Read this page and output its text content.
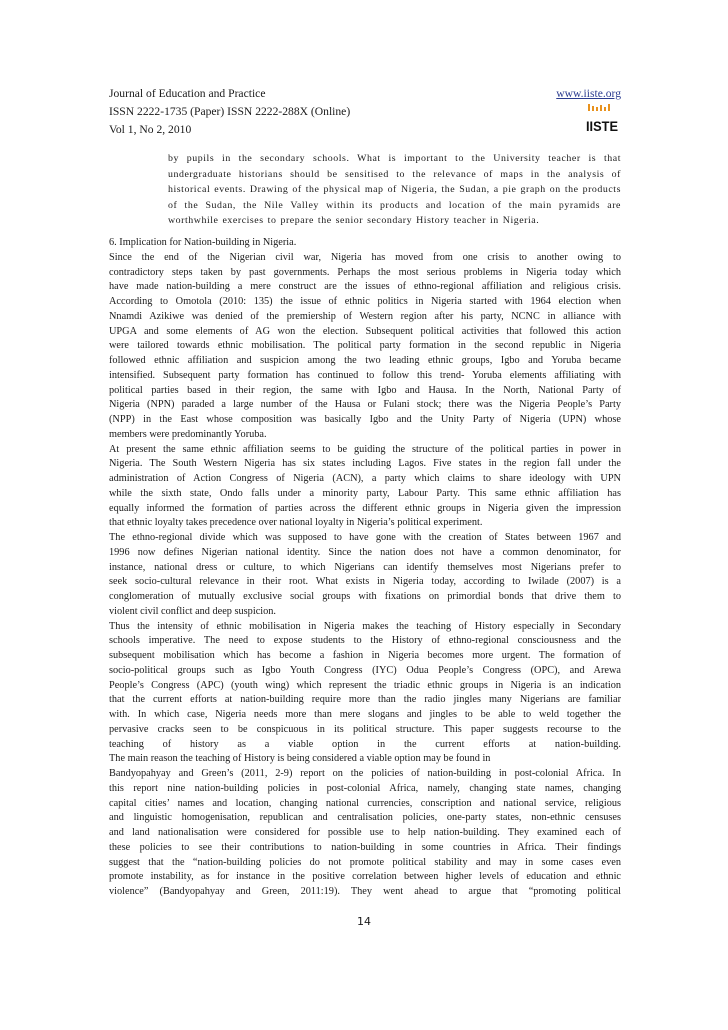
Journal of Education and Practice	www.iiste.org
ISSN 2222-1735 (Paper) ISSN 2222-288X (Online)
Vol 1, No 2, 2010	IISTE
by pupils in the secondary schools. What is important to the University teacher is that undergraduate historians should be sensitised to the relevance of maps in the analysis of historical events. Drawing of the physical map of Nigeria, the Sudan, a pie graph on the products of the Sudan, the Nile Valley within its products and location of the main pyramids are worthwhile exercises to prepare the senior secondary History teacher in Nigeria.
6. Implication for Nation-building in Nigeria.

Since the end of the Nigerian civil war, Nigeria has moved from one crisis to another owing to

contradictory steps taken by past governments. Perhaps the most serious problems in Nigeria today which

have made nation-building a mere construct are the issues of ethno-regional affiliation and religious crisis.

According to Omotola (2010: 135) the issue of ethnic politics in Nigeria started with 1964 election when

Nnamdi Azikiwe was denied of the premiership of Western region after his party, NCNC in alliance with

UPGA and some elements of AG won the election. Subsequent political activities that followed this action

were tailored towards ethnic mobilisation. The political party formation in the second republic in Nigeria

followed ethnic affiliation and suspicion among the two leading ethnic groups, Igbo and Yoruba became

intensified. Subsequent party formation has continued to follow this trend- Yoruba elements affiliating with

political parties based in their region, the same with Igbo and Hausa. In the North, National Party of

Nigeria (NPN) paraded a large number of the Hausa or Fulani stock; there was the Nigeria People’s Party

(NPP) in the East whose composition was basically Igbo and the Unity Party of Nigeria (UPN) whose

members were predominantly Yoruba.

At present the same ethnic affiliation seems to be guiding the structure of the political parties in power in

Nigeria. The South Western Nigeria has six states including Lagos. Five states in the region fall under the

administration of Action Congress of Nigeria (ACN), a party which claims to share ideology with UPN

while the sixth state, Ondo falls under a minority party, Labour Party. This same ethnic affiliation has

equally informed the formation of parties across the different ethnic groups in Nigeria given the impression

that ethnic loyalty takes precedence over national loyalty in Nigeria’s political experiment.

The ethno-regional divide which was supposed to have gone with the creation of States between 1967 and

1996 now defines Nigerian national identity. Since the nation does not have a common denominator, for

instance, national dress or culture, to which Nigerians can identify themselves most Nigerians prefer to

seek socio-cultural relevance in their root. What exists in Nigeria today, according to Iwilade (2007) is a

conglomeration of mutually exclusive social groups with fixations on primordial bonds that drive them to

violent civil conflict and deep suspicion.

Thus the intensity of ethnic mobilisation in Nigeria makes the teaching of History especially in Secondary

schools imperative. The need to expose students to the History of ethno-regional consciousness and the

subsequent mobilisation which has become a fashion in Nigeria becomes more urgent. The formation of

socio-political groups such as Igbo Youth Congress (IYC) Odua People’s Congress (OPC), and Arewa

People’s Congress (APC) (youth wing) which represent the triadic ethnic groups in Nigeria is an indication

that the current efforts at nation-building require more than the radio jingles many Nigerians are familiar

with. In which case, Nigeria needs more than mere slogans and jingles to be able to weld together the

pervasive cracks seen to be conspicuous in its political structure. This paper suggests recourse to the

teaching of history as a viable option in the current efforts at nation-building.

The main reason the teaching of History is being considered a viable option may be found in

Bandyopahyay and Green’s (2011, 2-9) report on the policies of nation-building in post-colonial Africa. In

this report nine nation-building policies in post-colonial Africa, namely, changing state names, changing

capital cities’ names and location, changing national currencies, conscription and national service, religious

and linguistic homogenisation, republican and centralisation policies, one-party states, non-ethnic censuses

and land nationalisation were considered for possible use to help nation-building. They examined each of

these policies to see their contributions to nation-building in some countries in Africa. Their findings

suggest that the “nation-building policies do not promote political stability and may in some cases even

promote instability, as for instance in the positive correlation between higher levels of education and ethnic

violence” (Bandyopahyay and Green, 2011:19). They went ahead to argue that “promoting political

14
